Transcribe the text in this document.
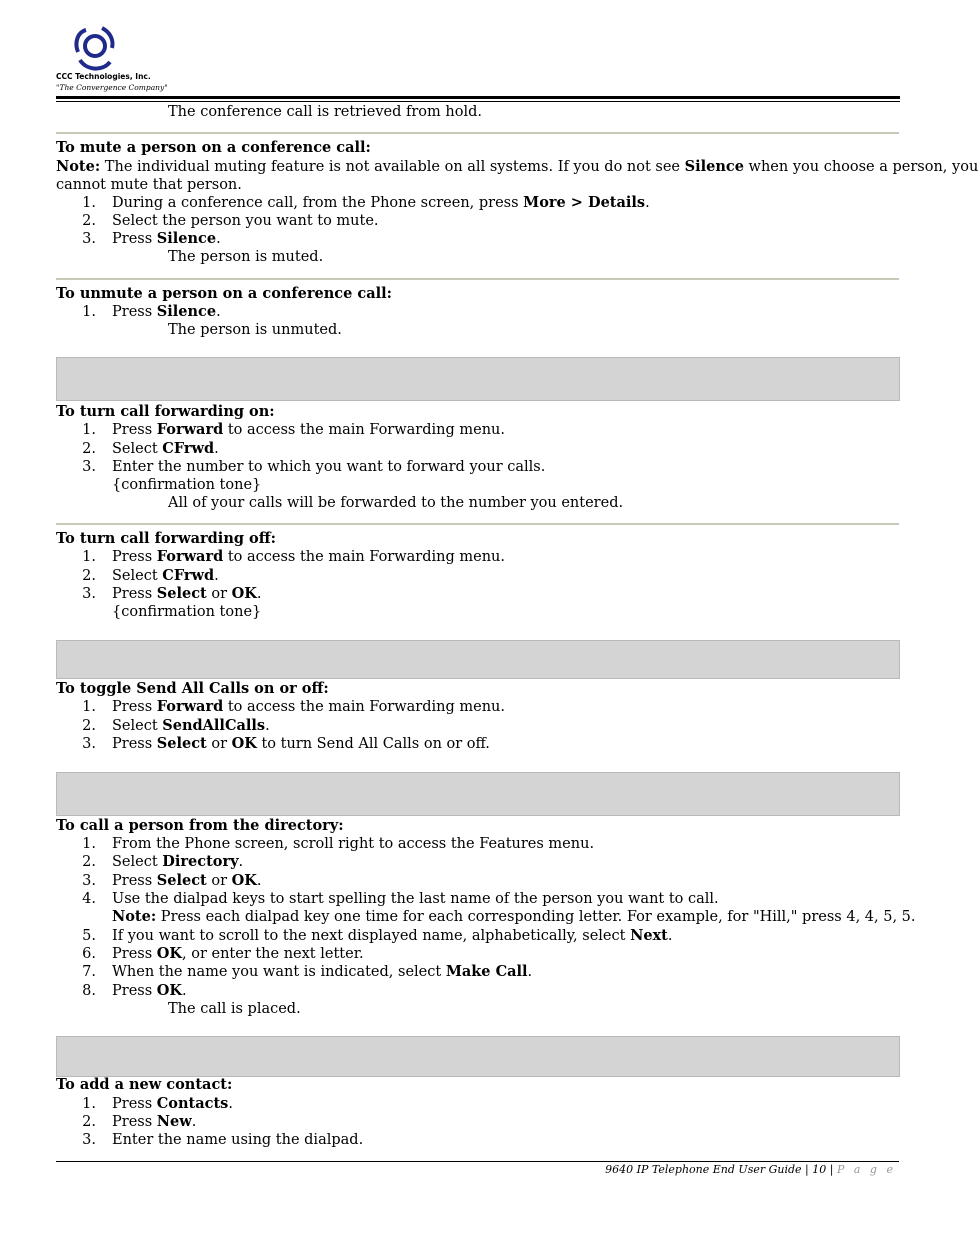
CCC Technologies, Inc.
"The Convergence Company"
The conference call is retrieved from hold.
To mute a person on a conference call:
Note: The individual muting feature is not available on all systems. If you do not see Silence when you choose a person, you
cannot mute that person.
1. During a conference call, from the Phone screen, press More > Details.
2. Select the person you want to mute.
3. Press Silence.
The person is muted.
To unmute a person on a conference call:
1. Press Silence.
The person is unmuted.
To turn call forwarding on:
1. Press Forward to access the main Forwarding menu.
2. Select CFrwd.
3. Enter the number to which you want to forward your calls.
{confirmation tone}
All of your calls will be forwarded to the number you entered.
To turn call forwarding off:
1. Press Forward to access the main Forwarding menu.
2. Select CFrwd.
3. Press Select or OK.
{confirmation tone}
To toggle Send All Calls on or off:
1. Press Forward to access the main Forwarding menu.
2. Select SendAllCalls.
3. Press Select or OK to turn Send All Calls on or off.
To call a person from the directory:
1. From the Phone screen, scroll right to access the Features menu.
2. Select Directory.
3. Press Select or OK.
4. Use the dialpad keys to start spelling the last name of the person you want to call.
Note: Press each dialpad key one time for each corresponding letter. For example, for "Hill," press 4, 4, 5, 5.
5. If you want to scroll to the next displayed name, alphabetically, select Next.
6. Press OK, or enter the next letter.
7. When the name you want is indicated, select Make Call.
8. Press OK.
The call is placed.
To add a new contact:
1. Press Contacts.
2. Press New.
3. Enter the name using the dialpad.
9640 IP Telephone End User Guide | 10 | P a g e
